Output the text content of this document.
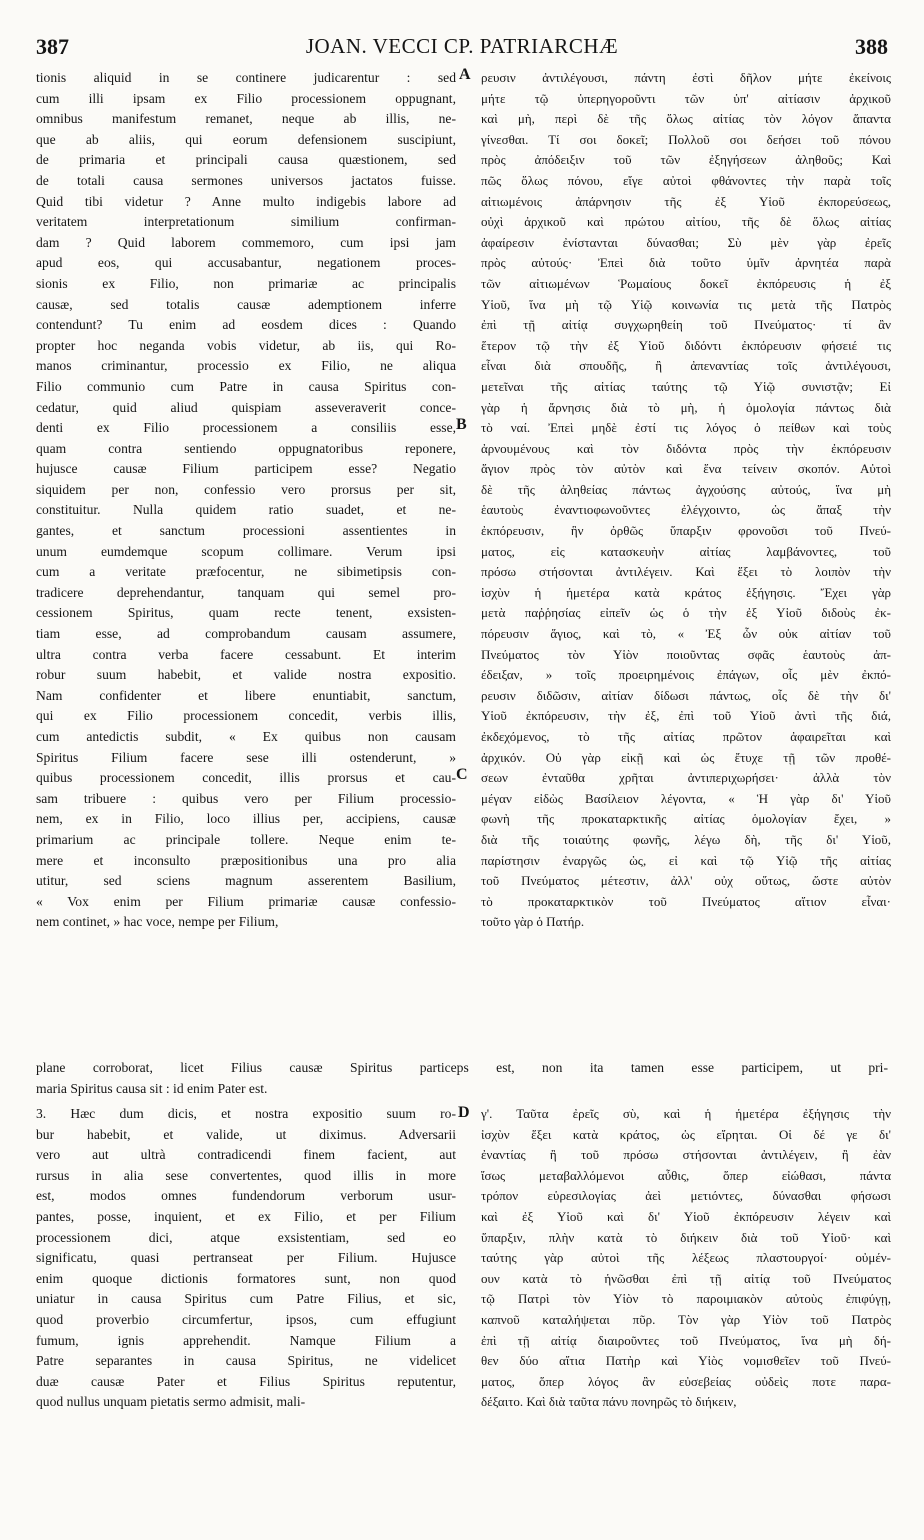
387	JOAN. VECCI CP. PATRIARCHÆ	388
A
B
C
D
tionis aliquid in se continere judicarentur : sed
cum illi ipsam ex Filio processionem oppugnant,
omnibus manifestum remanet, neque ab illis, ne-
que ab aliis, qui eorum defensionem suscipiunt,
de primaria et principali causa quæstionem, sed
de totali causa sermones universos jactatos fuisse.
Quid tibi videtur ? Anne multo indigebis labore ad
veritatem interpretationum similium confirman-
dam ? Quid laborem commemoro, cum ipsi jam
apud eos, qui accusabantur, negationem proces-
sionis ex Filio, non primariæ ac principalis
causæ, sed totalis causæ ademptionem inferre
contendunt? Tu enim ad eosdem dices : Quando
propter hoc neganda vobis videtur, ab iis, qui Ro-
manos criminantur, processio ex Filio, ne aliqua
Filio communio cum Patre in causa Spiritus con-
cedatur, quid aliud quispiam asseveraverit conce-
denti ex Filio processionem a consiliis esse,
quam contra sentiendo oppugnatoribus reponere,
hujusce causæ Filium participem esse? Negatio
siquidem per non, confessio vero prorsus per sit,
constituitur. Nulla quidem ratio suadet, et ne-
gantes, et sanctum processioni assentientes in
unum eumdemque scopum collimare. Verum ipsi
cum a veritate præfocentur, ne sibimetipsis con-
tradicere deprehendantur, tanquam qui semel pro-
cessionem Spiritus, quam recte tenent, exsisten-
tiam esse, ad comprobandum causam assumere,
ultra contra verba facere cessabunt. Et interim
robur suum habebit, et valide nostra expositio.
Nam confidenter et libere enuntiabit, sanctum,
qui ex Filio processionem concedit, verbis illis,
cum antedictis subdit, « Ex quibus non causam
Spiritus Filium facere sese illi ostenderunt, »
quibus processionem concedit, illis prorsus et cau-
sam tribuere : quibus vero per Filium processio-
nem, ex in Filio, loco illius per, accipiens, causæ
primarium ac principale tollere. Neque enim te-
mere et inconsulto præpositionibus una pro alia
utitur, sed sciens magnum asserentem Basilium,
« Vox enim per Filium primariæ causæ confessio-
nem continet, » hac voce, nempe per Filium,
ρευσιν ἀντιλέγουσι, πάντη ἐστὶ δῆλον μήτε ἐκείνοις
μήτε τῷ ὑπερηγοροῦντι τῶν ὑπ' αἰτίασιν ἀρχικοῦ
καὶ μὴ, περὶ δὲ τῆς ὅλως αἰτίας τὸν λόγον ἅπαντα
γίνεσθαι. Τί σοι δοκεῖ; Πολλοῦ σοι δεήσει τοῦ πόνου
πρὸς ἀπόδειξιν τοῦ τῶν ἐξηγήσεων ἀληθοῦς; Καὶ
πῶς ὅλως πόνου, εἴγε αὐτοὶ φθάνοντες τὴν παρὰ τοῖς
αἰτιωμένοις ἀπάρνησιν τῆς ἐξ Υἱοῦ ἐκπορεύσεως,
οὐχὶ ἀρχικοῦ καὶ πρώτου αἰτίου, τῆς δὲ ὅλως αἰτίας
ἀφαίρεσιν ἐνίστανται δύνασθαι; Σὺ μὲν γὰρ ἐρεῖς
πρὸς αὐτούς· Ἐπεὶ διὰ τοῦτο ὑμῖν ἀρνητέα παρὰ
τῶν αἰτιωμένων Ῥωμαίους δοκεῖ ἐκπόρευσις ἡ ἐξ
Υἱοῦ, ἵνα μὴ τῷ Υἱῷ κοινωνία τις μετὰ τῆς Πατρὸς
ἐπὶ τῇ αἰτίᾳ συγχωρηθείη τοῦ Πνεύματος· τί ἂν
ἕτερον τῷ τὴν ἐξ Υἱοῦ διδόντι ἐκπόρευσιν φήσειέ τις
εἶναι διὰ σπουδῆς, ἢ ἀπεναντίας τοῖς ἀντιλέγουσι,
μετεῖναι τῆς αἰτίας ταύτης τῷ Υἱῷ συνιστᾷν; Εἰ
γὰρ ἡ ἄρνησις διὰ τὸ μὴ, ἡ ὁμολογία πάντως διὰ
τὸ ναί. Ἐπεὶ μηδὲ ἐστί τις λόγος ὁ πείθων καὶ τοὺς
ἀρνουμένους καὶ τὸν διδόντα πρὸς τὴν ἐκπόρευσιν
ἅγιον πρὸς τὸν αὐτὸν καὶ ἕνα τείνειν σκοπόν. Αὐτοὶ
δὲ τῆς ἀληθείας πάντως ἀγχούσης αὐτούς, ἵνα μὴ
ἑαυτοὺς ἐναντιοφωνοῦντες ἐλέγχοιντο, ὡς ἅπαξ τὴν
ἐκπόρευσιν, ἣν ὀρθῶς ὕπαρξιν φρονοῦσι τοῦ Πνεύ-
ματος, εἰς κατασκευὴν αἰτίας λαμβάνοντες, τοῦ
πρόσω στήσονται ἀντιλέγειν. Καὶ ἕξει τὸ λοιπὸν τὴν
ἰσχὺν ἡ ἡμετέρα κατὰ κράτος ἐξήγησις. Ἔχει γὰρ
μετὰ παῤῥησίας εἰπεῖν ὡς ὁ τὴν ἐξ Υἱοῦ διδοὺς ἐκ-
πόρευσιν ἅγιος, καὶ τὸ, « Ἐξ ὧν οὐκ αἰτίαν τοῦ
Πνεύματος τὸν Υἱὸν ποιοῦντας σφᾶς ἑαυτοὺς ἀπ-
έδειξαν, » τοῖς προειρημένοις ἐπάγων, οἷς μὲν ἐκπό-
ρευσιν διδῶσιν, αἰτίαν δίδωσι πάντως, οἷς δὲ τὴν δι'
Υἱοῦ ἐκπόρευσιν, τὴν ἐξ, ἐπὶ τοῦ Υἱοῦ ἀντὶ τῆς διά,
ἐκδεχόμενος, τὸ τῆς αἰτίας πρῶτον ἀφαιρεῖται καὶ
ἀρχικόν. Οὐ γὰρ εἰκῇ καὶ ὡς ἔτυχε τῇ τῶν προθέ-
σεων ἐνταῦθα χρῆται ἀντιπεριχωρήσει· ἀλλὰ τὸν
μέγαν εἰδὼς Βασίλειον λέγοντα, « Ἡ γὰρ δι' Υἱοῦ
φωνὴ τῆς προκαταρκτικῆς αἰτίας ὁμολογίαν ἔχει, »
διὰ τῆς τοιαύτης φωνῆς, λέγω δὴ, τῆς δι' Υἱοῦ,
παρίστησιν ἐναργῶς ὡς, εἰ καὶ τῷ Υἱῷ τῆς αἰτίας
τοῦ Πνεύματος μέτεστιν, ἀλλ' οὐχ οὕτως, ὥστε αὐτὸν
τὸ προκαταρκτικὸν τοῦ Πνεύματος αἴτιον εἶναι·
τοῦτο γὰρ ὁ Πατήρ.
plane corroborat, licet Filius causæ Spiritus particeps est, non ita tamen esse participem, ut pri-
maria Spiritus causa sit : id enim Pater est.
3. Hæc dum dicis, et nostra expositio suum ro-
bur habebit, et valide, ut diximus. Adversarii
vero aut ultrà contradicendi finem facient, aut
rursus in alia sese convertentes, quod illis in more
est, modos omnes fundendorum verborum usur-
pantes, posse, inquient, et ex Filio, et per Filium
processionem dici, atque exsistentiam, sed eo
significatu, quasi pertranseat per Filium. Hujusce
enim quoque dictionis formatores sunt, non quod
uniatur in causa Spiritus cum Patre Filius, et sic,
quod proverbio circumfertur, ipsos, cum effugiunt
fumum, ignis apprehendit. Namque Filium a
Patre separantes in causa Spiritus, ne videlicet
duæ causæ Pater et Filius Spiritus reputentur,
quod nullus unquam pietatis sermo admisit, mali-
γ'. Ταῦτα ἐρεῖς σὺ, καὶ ἡ ἡμετέρα ἐξήγησις τὴν
ἰσχὺν ἕξει κατὰ κράτος, ὡς εἴρηται. Οἱ δέ γε δι'
ἐναντίας ἢ τοῦ πρόσω στήσονται ἀντιλέγειν, ἢ ἐὰν
ἴσως μεταβαλλόμενοι αὖθις, ὅπερ εἰώθασι, πάντα
τρόπον εὑρεσιλογίας ἀεὶ μετιόντες, δύνασθαι φήσωσι
καὶ ἐξ Υἱοῦ καὶ δι' Υἱοῦ ἐκπόρευσιν λέγειν καὶ
ὕπαρξιν, πλὴν κατὰ τὸ διήκειν διὰ τοῦ Υἱοῦ· καὶ
ταύτης γὰρ αὐτοὶ τῆς λέξεως πλαστουργοί· οὐμέν-
ουν κατὰ τὸ ἡνῶσθαι ἐπὶ τῇ αἰτίᾳ τοῦ Πνεύματος
τῷ Πατρὶ τὸν Υἱὸν τὸ παροιμιακὸν αὐτοὺς ἐπιφύγῃ,
καπνοῦ καταλήψεται πῦρ. Τὸν γὰρ Υἱὸν τοῦ Πατρὸς
ἐπὶ τῇ αἰτίᾳ διαιροῦντες τοῦ Πνεύματος, ἵνα μὴ δή-
θεν δύο αἴτια Πατὴρ καὶ Υἱὸς νομισθεῖεν τοῦ Πνεύ-
ματος, ὅπερ λόγος ἂν εὐσεβείας οὐδεὶς ποτε παρα-
δέξαιτο. Καὶ διὰ ταῦτα πάνυ πονηρῶς τὸ διήκειν,
